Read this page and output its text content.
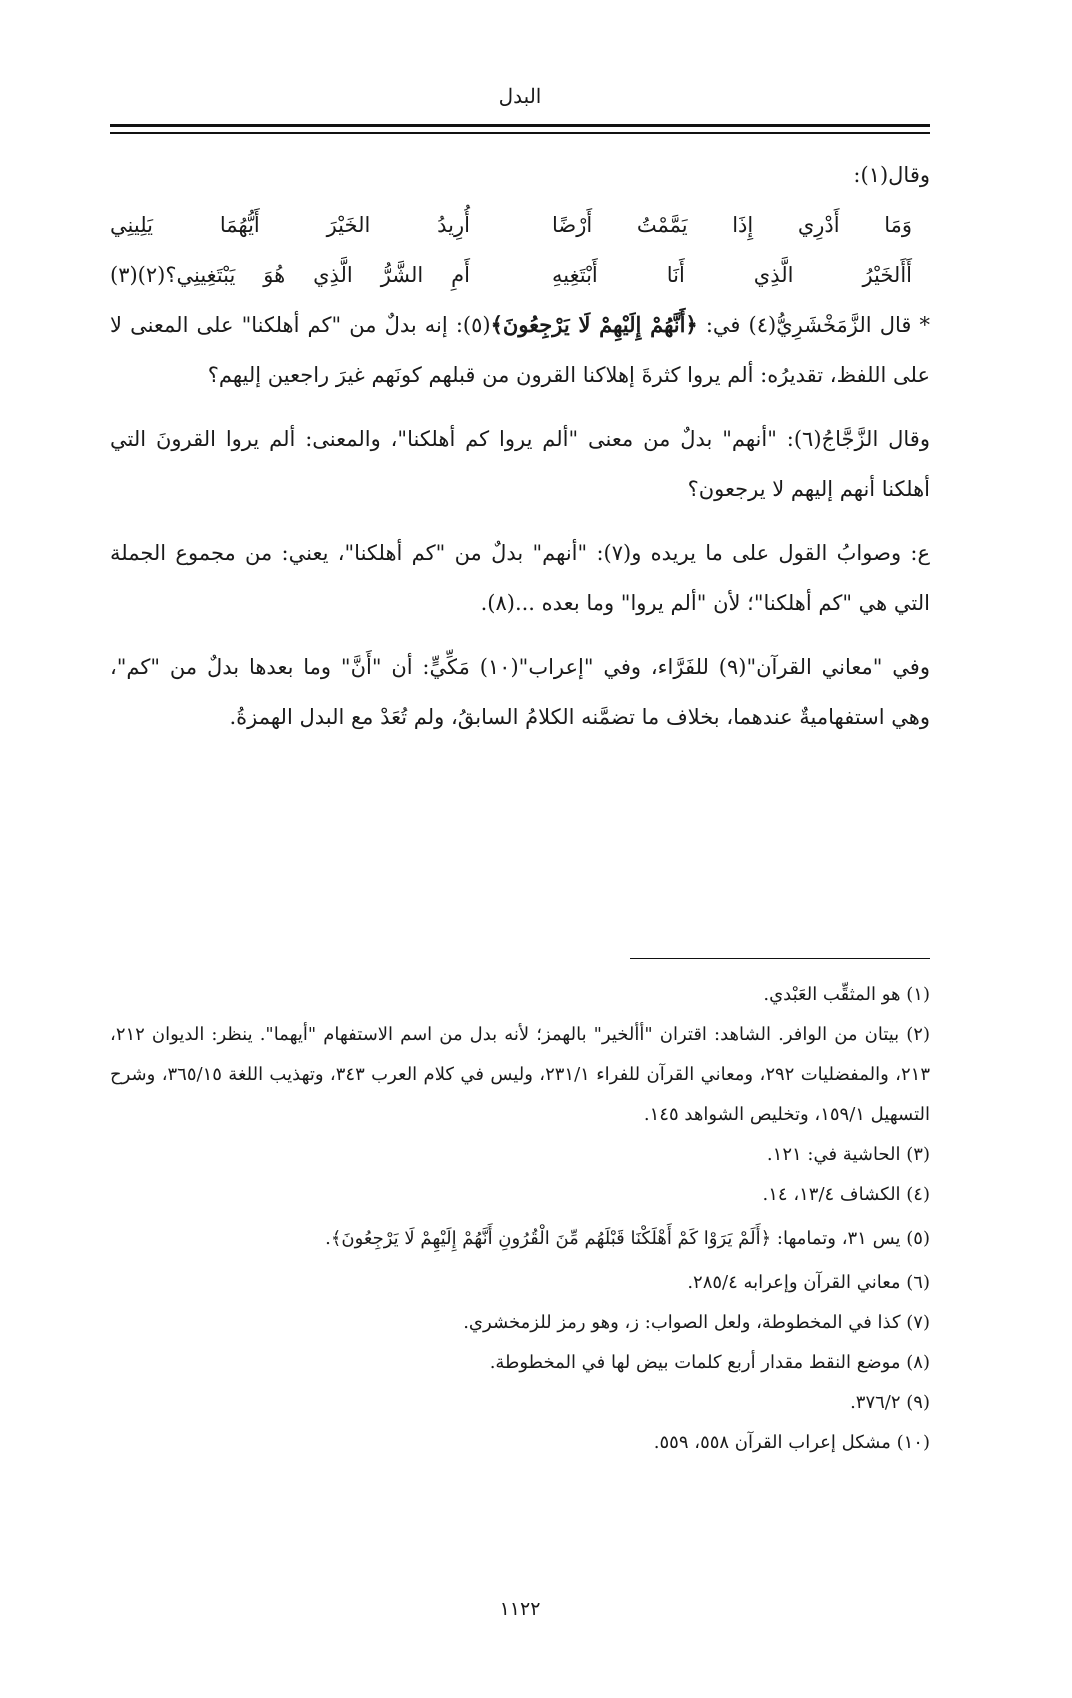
البدل

وقال(١):

وَمَا
أَدْرِي
إِذَا
يَمَّمْتُ
أَرْضًا
أُرِيدُ
الخَيْرَ
أَيُّهُمَا
يَلِينِي
أَأَلخَيْرُ
الَّذِي
أَنَا
أَبْتَغِيهِ
أَمِ
الشَّرُّ
الَّذِي
هُوَ
يَبْتَغِينِي؟(٢)(٣)

* قال الزَّمَخْشَرِيُّ(٤) في: ﴿أَنَّهُمْ إِلَيْهِمْ لَا يَرْجِعُونَ﴾(٥): إنه بدلٌ من "كم أهلكنا" على المعنى لا على اللفظ، تقديرُه: ألم يروا كثرةَ إهلاكنا القرون من قبلهم كونَهم غيرَ راجعين إليهم؟

وقال الزَّجَّاجُ(٦): "أنهم" بدلٌ من معنى "ألم يروا كم أهلكنا"، والمعنى: ألم يروا القرونَ التي أهلكنا أنهم إليهم لا يرجعون؟

ع: وصوابُ القول على ما يريده و(٧): "أنهم" بدلٌ من "كم أهلكنا"، يعني: من مجموع الجملة التي هي "كم أهلكنا"؛ لأن "ألم يروا" وما بعده ...(٨).

وفي "معاني القرآن"(٩) للفَرَّاء، وفي "إعراب"(١٠) مَكِّيٍّ: أن "أَنَّ" وما بعدها بدلٌ من "كم"، وهي استفهاميةٌ عندهما، بخلاف ما تضمَّنه الكلامُ السابقُ، ولم تُعَدْ مع البدل الهمزةُ.

(١) هو المثقِّب العَبْدي.

(٢) بيتان من الوافر. الشاهد: اقتران "أألخير" بالهمز؛ لأنه بدل من اسم الاستفهام "أيهما". ينظر: الديوان ٢١٢، ٢١٣، والمفضليات ٢٩٢، ومعاني القرآن للفراء ٢٣١/١، وليس في كلام العرب ٣٤٣، وتهذيب اللغة ٣٦٥/١٥، وشرح التسهيل ١٥٩/١، وتخليص الشواهد ١٤٥.

(٣) الحاشية في: ١٢١.

(٤) الكشاف ١٣/٤، ١٤.

(٥) يس ٣١، وتمامها: ﴿أَلَمْ يَرَوْا كَمْ أَهْلَكْنَا قَبْلَهُم مِّنَ الْقُرُونِ أَنَّهُمْ إِلَيْهِمْ لَا يَرْجِعُونَ﴾.

(٦) معاني القرآن وإعرابه ٢٨٥/٤.

(٧) كذا في المخطوطة، ولعل الصواب: ز، وهو رمز للزمخشري.

(٨) موضع النقط مقدار أربع كلمات بيض لها في المخطوطة.

(٩) ٣٧٦/٢.

(١٠) مشكل إعراب القرآن ٥٥٨، ٥٥٩.

١١٢٢
